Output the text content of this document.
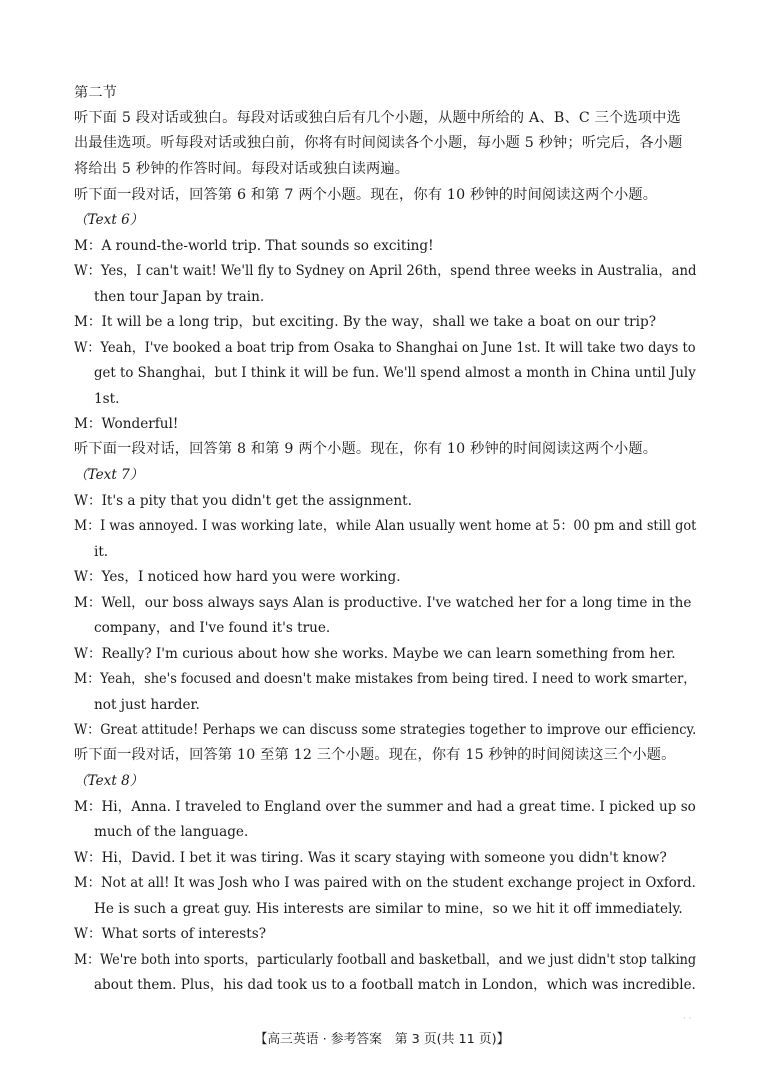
第二节
听下面 5 段对话或独白。每段对话或独白后有几个小题，从题中所给的 A、B、C 三个选项中选
出最佳选项。听每段对话或独白前，你将有时间阅读各个小题，每小题 5 秒钟；听完后，各小题
将给出 5 秒钟的作答时间。每段对话或独白读两遍。
听下面一段对话，回答第 6 和第 7 两个小题。现在，你有 10 秒钟的时间阅读这两个小题。
（Text 6）
M：A round-the-world trip. That sounds so exciting!
W：Yes，I can't wait! We'll fly to Sydney on April 26th，spend three weeks in Australia，and
then tour Japan by train.
M：It will be a long trip，but exciting. By the way，shall we take a boat on our trip?
W：Yeah，I've booked a boat trip from Osaka to Shanghai on June 1st. It will take two days to
get to Shanghai，but I think it will be fun. We'll spend almost a month in China until July
1st.
M：Wonderful!
听下面一段对话，回答第 8 和第 9 两个小题。现在，你有 10 秒钟的时间阅读这两个小题。
（Text 7）
W：It's a pity that you didn't get the assignment.
M：I was annoyed. I was working late，while Alan usually went home at 5：00 pm and still got
it.
W：Yes，I noticed how hard you were working.
M：Well，our boss always says Alan is productive. I've watched her for a long time in the
company，and I've found it's true.
W：Really? I'm curious about how she works. Maybe we can learn something from her.
M：Yeah，she's focused and doesn't make mistakes from being tired. I need to work smarter，
not just harder.
W：Great attitude! Perhaps we can discuss some strategies together to improve our efficiency.
听下面一段对话，回答第 10 至第 12 三个小题。现在，你有 15 秒钟的时间阅读这三个小题。
（Text 8）
M：Hi，Anna. I traveled to England over the summer and had a great time. I picked up so
much of the language.
W：Hi，David. I bet it was tiring. Was it scary staying with someone you didn't know?
M：Not at all! It was Josh who I was paired with on the student exchange project in Oxford.
He is such a great guy. His interests are similar to mine，so we hit it off immediately.
W：What sorts of interests?
M：We're both into sports，particularly football and basketball，and we just didn't stop talking
about them. Plus，his dad took us to a football match in London，which was incredible.
· ·
【高三英语 · 参考答案　第 3 页(共 11 页)】
